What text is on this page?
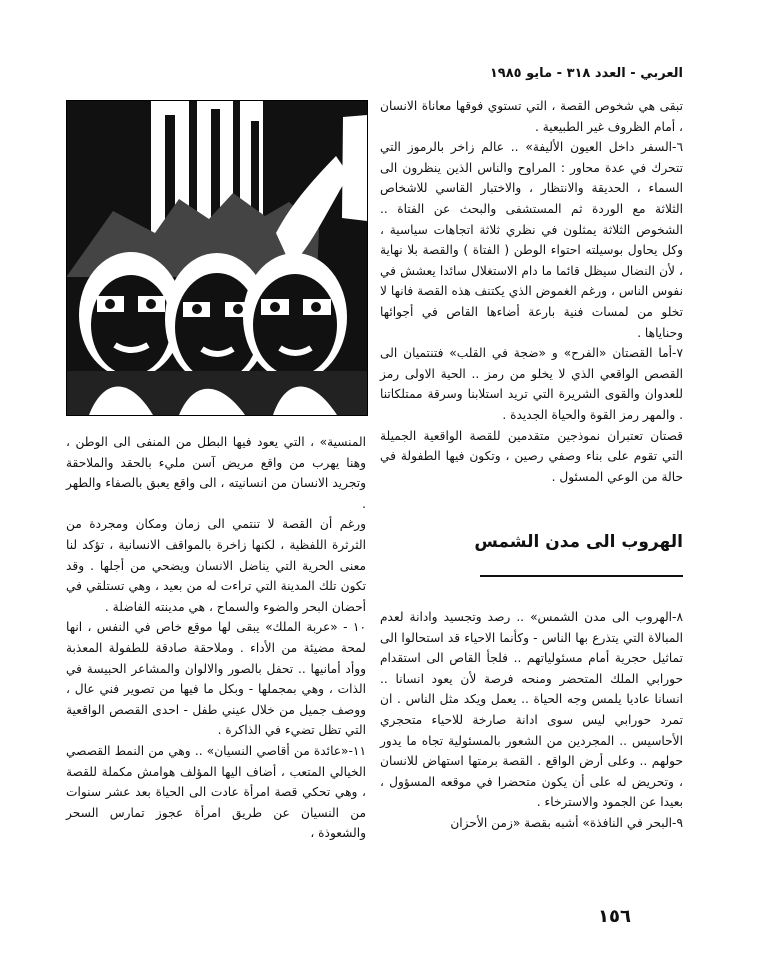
العربي - العدد ٣١٨ - مايو ١٩٨٥

تبقى هي شخوص القصة ، التي تستوي فوقها معاناة الانسان ، أمام الظروف غير الطبيعية .

٦-السفر داخل العيون الأليفة» .. عالم زاخر بالرموز التي تتحرك في عدة محاور : المراوح والناس الذين ينظرون الى السماء ، الحديقة والانتظار ، والاختبار القاسي للاشخاص الثلاثة مع الوردة ثم المستشفى والبحث عن الفتاة .. الشخوص الثلاثة يمثلون في نظري ثلاثة اتجاهات سياسية ، وكل يحاول بوسيلته احتواء الوطن ( الفتاة ) والقصة بلا نهاية ، لأن النضال سيظل قائما ما دام الاستغلال سائدا يعشش في نفوس الناس ، ورغم الغموض الذي يكتنف هذه القصة فانها لا تخلو من لمسات فنية بارعة أضاءها القاص في أجوائها وحناياها .

٧-أما القصتان «الفرح» و «ضجة في القلب» فتنتميان الى القصص الواقعي الذي لا يخلو من رمز .. الحية الاولى رمز للعدوان والقوى الشريرة التي تريد استلابنا وسرقة ممتلكاتنا . والمهر رمز القوة والحياة الجديدة .

قصتان تعتبران نموذجين متقدمين للقصة الواقعية الجميلة التي تقوم على بناء وصفي رصين ، وتكون فيها الطفولة في حالة من الوعي المسئول .

الهروب الى مدن الشمس

٨-الهروب الى مدن الشمس» .. رصد وتجسيد وادانة لعدم المبالاة التي يتذرع بها الناس - وكأنما الاحياء قد استحالوا الى تماثيل حجرية أمام مسئولياتهم .. فلجأ القاص الى استقدام حورابي الملك المتحضر ومنحه فرصة لأن يعود انسانا .. انسانا عاديا يلمس وجه الحياة .. يعمل ويكد مثل الناس . ان تمرد حورابي ليس سوى ادانة صارخة للاحياء متحجري الأحاسيس .. المجردين من الشعور بالمسئولية تجاه ما يدور حولهم .. وعلى أرض الواقع . القصة برمتها استهاض للانسان ، وتحريض له على أن يكون متحضرا في موقعه المسؤول ، بعيدا عن الجمود والاسترخاء .

٩-البحر في النافذة» أشبه بقصة «زمن الأحزان

المنسية» ، التي يعود فيها البطل من المنفى الى الوطن ، وهنا يهرب من واقع مريض آسن مليء بالحقد والملاحقة وتجريد الانسان من انسانيته ، الى واقع يعبق بالصفاء والطهر .

ورغم أن القصة لا تنتمي الى زمان ومكان ومجردة من الثرثرة اللفظية ، لكنها زاخرة بالمواقف الانسانية ، تؤكد لنا معنى الحرية التي يناضل الانسان ويضحي من أجلها . وقد تكون تلك المدينة التي تراءت له من بعيد ، وهي تستلقي في أحضان البحر والضوء والسماح ، هي مدينته الفاضلة .

١٠ - «عربة الملك» يبقى لها موقع خاص في النفس ، انها لمحة مضيئة من الأداء . وملاحقة صادقة للطفولة المعذبة ووأد أمانيها .. تحفل بالصور والالوان والمشاعر الحبيسة في الذات ، وهي بمجملها - وبكل ما فيها من تصوير فني عال ، ووصف جميل من خلال عيني طفل - احدى القصص الواقعية التي تظل تضيء في الذاكرة .

١١-«عائدة من أقاصي النسيان» .. وهي من النمط القصصي الخيالي المتعب ، أضاف اليها المؤلف هوامش مكملة للقصة ، وهي تحكي قصة امرأة عادت الى الحياة بعد عشر سنوات من النسيان عن طريق امرأة عجوز تمارس السحر والشعوذة ،

١٥٦
